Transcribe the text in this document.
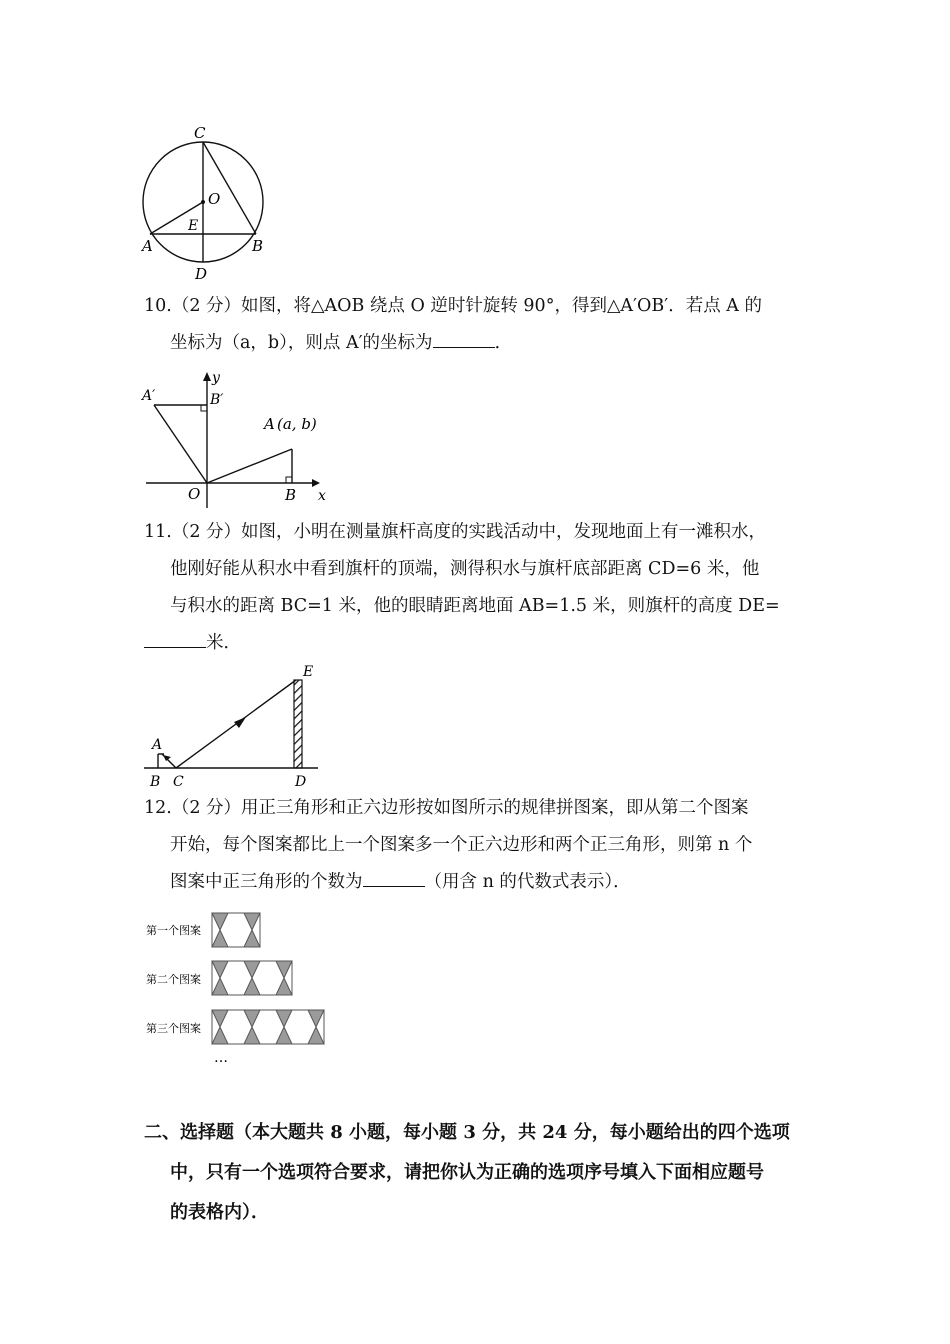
C
O
E
A	B
D
10.（2 分）如图，将△AOB 绕点 O 逆时针旋转 90°，得到△A′OB′．若点 A 的
坐标为（a，b），则点 A′的坐标为	．
A′	B′
y
A (a, b)
O	B x
11.（2 分）如图，小明在测量旗杆高度的实践活动中，发现地面上有一滩积水，
他刚好能从积水中看到旗杆的顶端，测得积水与旗杆底部距离 CD=6 米，他
与积水的距离 BC=1 米，他的眼睛距离地面 AB=1.5 米，则旗杆的高度 DE=
米．
E
A
B C	D
12.（2 分）用正三角形和正六边形按如图所示的规律拼图案，即从第二个图案
开始，每个图案都比上一个图案多一个正六边形和两个正三角形，则第 n 个
图案中正三角形的个数为	（用含 n 的代数式表示）．
第一个图案
第二个图案
第三个图案
…
二、选择题（本大题共 8 小题，每小题 3 分，共 24 分，每小题给出的四个选项
中，只有一个选项符合要求，请把你认为正确的选项序号填入下面相应题号
的表格内）．
